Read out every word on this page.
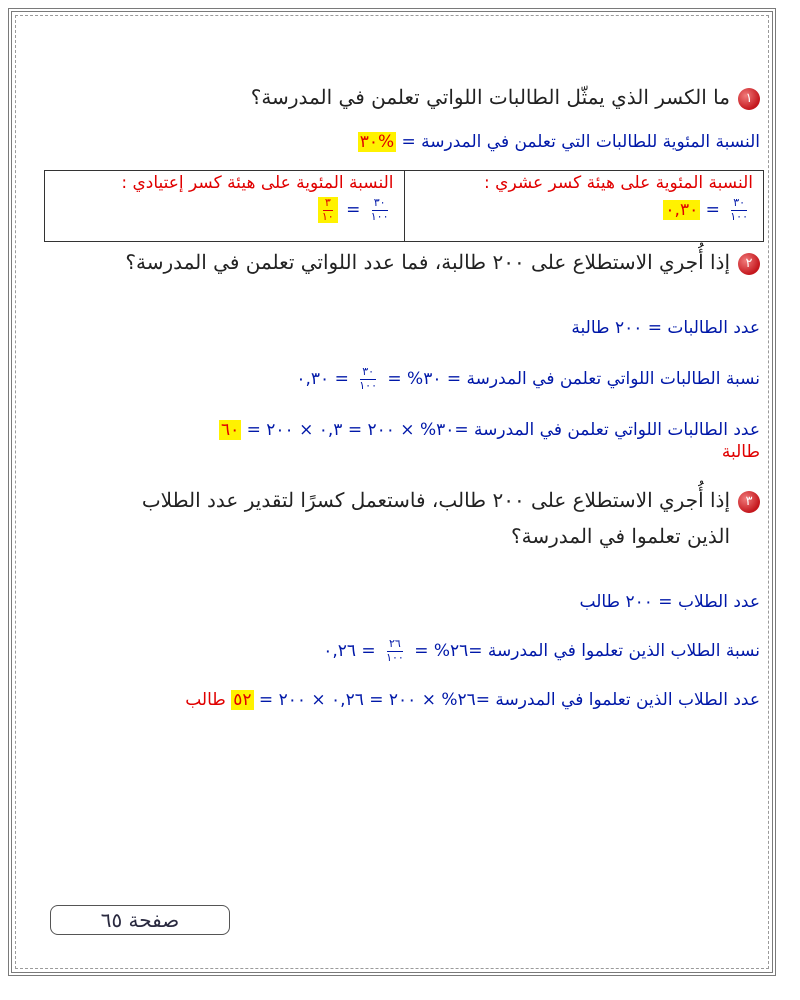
١ما الكسر الذي يمثّل الطالبات اللواتي تعلمن في المدرسة؟
النسبة المئوية للطالبات التي تعلمن في المدرسة = %٣٠
النسبة المئوية على هيئة كسر عشري :
$\frac{٣٠}{١٠٠}$
= ٠,٣٠

النسبة المئوية على هيئة كسر إعتيادي :
$\frac{٣٠}{١٠٠}$
=
$\frac{٣}{١٠}$
٢إذا أُجري الاستطلاع على ٢٠٠ طالبة، فما عدد اللواتي تعلمن في المدرسة؟
عدد الطالبات = ٢٠٠ طالبة
نسبة الطالبات اللواتي تعلمن في المدرسة = ٣٠% =
$\frac{٣٠}{١٠٠}$
= ٠,٣٠
عدد الطالبات اللواتي تعلمن في المدرسة =٣٠% × ٢٠٠ = ٠,٣ × ٢٠٠ = ٦٠
طالبة
٣إذا أُجري الاستطلاع على ٢٠٠ طالب، فاستعمل كسرًا لتقدير عدد الطلاب
الذين تعلموا في المدرسة؟
عدد الطلاب = ٢٠٠ طالب
نسبة الطلاب الذين تعلموا في المدرسة =٢٦% =
$\frac{٢٦}{١٠٠}$
= ٠,٢٦
عدد الطلاب الذين تعلموا في المدرسة =٢٦% × ٢٠٠ = ٠,٢٦ × ٢٠٠ = ٥٢ طالب
صفحة ٦٥
